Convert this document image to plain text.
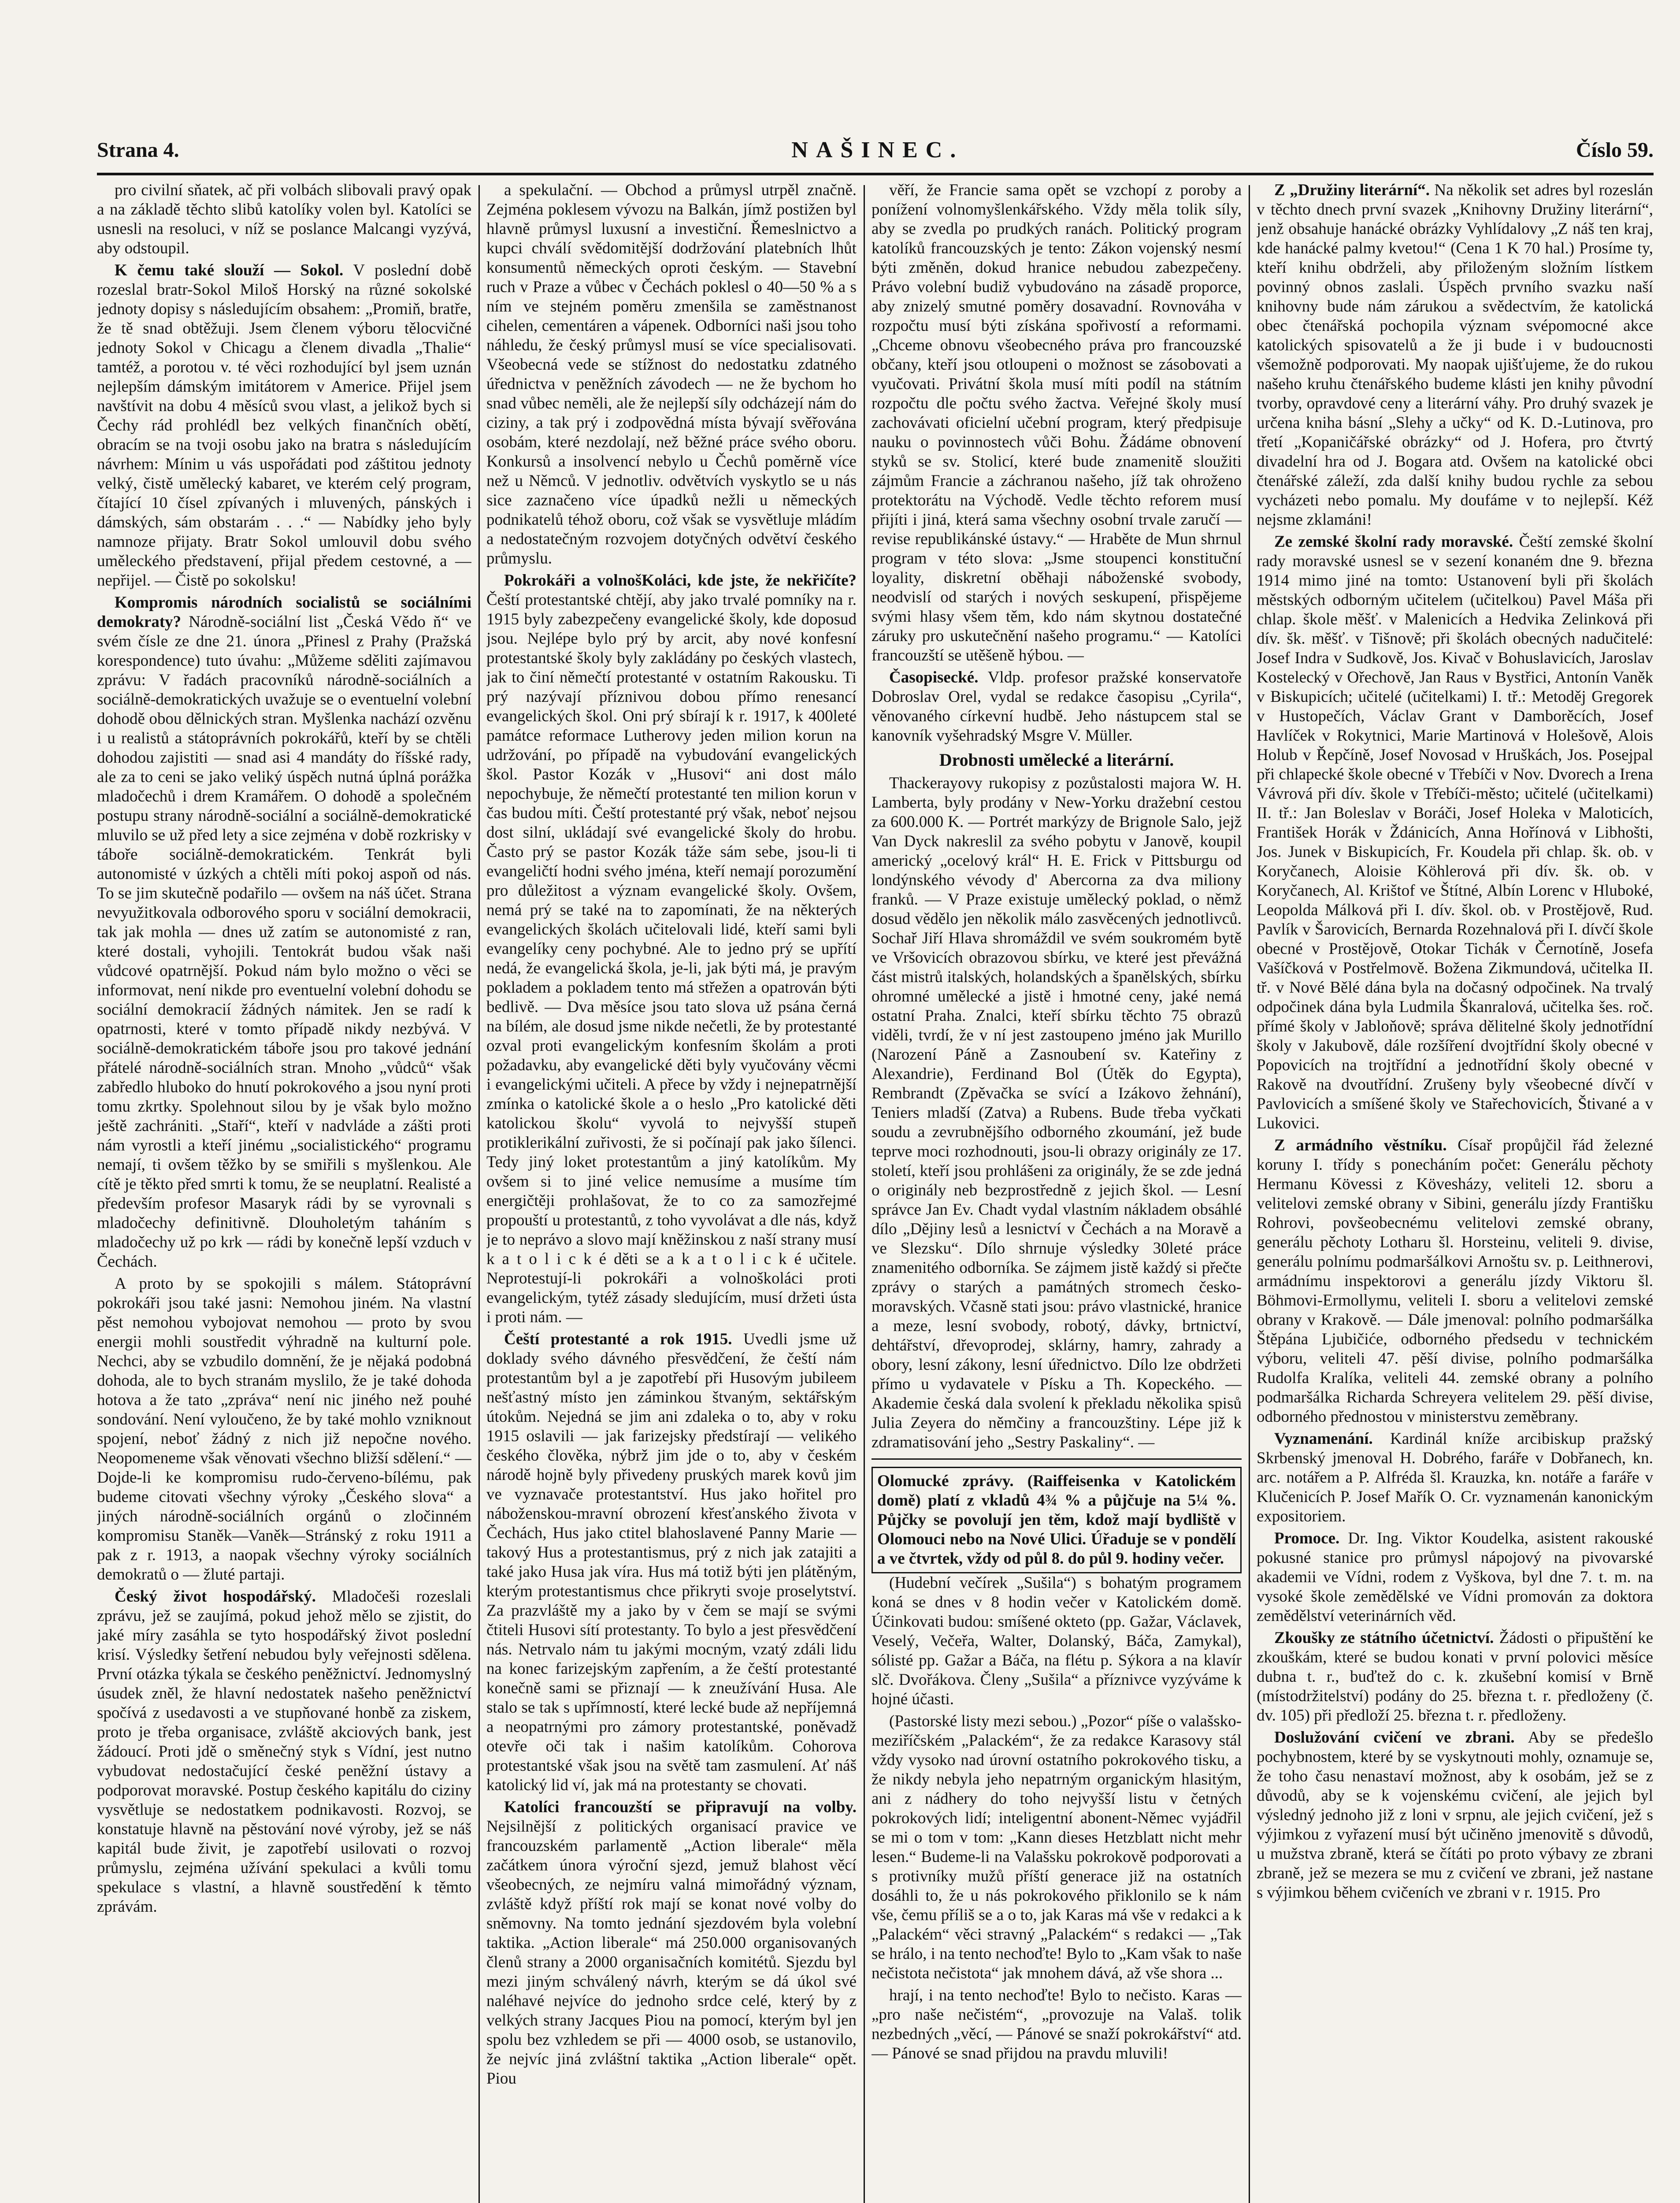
Strana 4.	NAŠINEC.	Číslo 59.

pro civilní sňatek, ač při volbách slibovali pravý opak a na základě těchto slibů katolíky volen byl. Katolíci se usnesli na resoluci, v níž se poslance Malcangi vyzývá, aby odstoupil.

K čemu také slouží — Sokol. V poslední době rozeslal bratr-Sokol Miloš Horský na různé sokolské jednoty dopisy s následujícím obsahem: „Promiň, bratře, že tě snad obtěžuji. Jsem členem výboru tělocvičné jednoty Sokol v Chicagu a členem divadla „Thalie“ tamtéž, a porotou v. té věci rozhodující byl jsem uznán nejlepším dámským imitátorem v Americe. Přijel jsem navštívit na dobu 4 měsíců svou vlast, a jelikož bych si Čechy rád prohlédl bez velkých finančních obětí, obracím se na tvoji osobu jako na bratra s následujícím návrhem: Mínim u vás uspořádati pod záštitou jednoty velký, čistě umělecký kabaret, ve kterém celý program, čítající 10 čísel zpívaných i mluvených, pánských i dámských, sám obstarám . . .“ — Nabídky jeho byly namnoze přijaty. Bratr Sokol umlouvil dobu svého uměleckého představení, přijal předem cestovné, a — nepřijel. — Čistě po sokolsku!

Kompromis národních socialistů se sociálními demokraty? Národně-sociální list „Česká Vědo ň“ ve svém čísle ze dne 21. února „Přinesl z Prahy (Pražská korespondence) tuto úvahu: „Můžeme sděliti zajímavou zprávu: V řadách pracovníků národně-sociálních a sociálně-demokratických uvažuje se o eventuelní volební dohodě obou dělnických stran. Myšlenka nachází ozvěnu i u realistů a státoprávních pokrokářů, kteří by se chtěli dohodou zajistiti — snad asi 4 mandáty do říšské rady, ale za to ceni se jako veliký úspěch nutná úplná porážka mladočechů i drem Kramářem. O dohodě a společném postupu strany národně-sociální a sociálně-demokratické mluvilo se už před lety a sice zejména v době rozkrisky v táboře sociálně-demokratickém. Tenkrát byli autonomisté v úzkých a chtěli míti pokoj aspoň od nás. To se jim skutečně podařilo — ovšem na náš účet. Strana nevyužitkovala odborového sporu v sociální demokracii, tak jak mohla — dnes už zatím se autonomisté z ran, které dostali, vyhojili. Tentokrát budou však naši vůdcové opatrnější. Pokud nám bylo možno o věci se informovat, není nikde pro eventuelní volební dohodu se sociální demokracií žádných námitek. Jen se radí k opatrnosti, které v tomto případě nikdy nezbývá. V sociálně-demokratickém táboře jsou pro takové jednání přátelé národně-sociálních stran. Mnoho „vůdců“ však zabředlo hluboko do hnutí pokrokového a jsou nyní proti tomu zkrtky. Spolehnout silou by je však bylo možno ještě zachrániti. „Staří“, kteří v nadvláde a zášti proti nám vyrostli a kteří jinému „socialistického“ programu nemají, ti ovšem těžko by se smiřili s myšlenkou. Ale cítě je těkto před smrti k tomu, že se neuplatní. Realisté a především profesor Masaryk rádi by se vyrovnali s mladočechy definitivně. Dlouholetým taháním s mladočechy už po krk — rádi by konečně lepší vzduch v Čechách.

A proto by se spokojili s málem. Státoprávní pokrokáři jsou také jasni: Nemohou jiném. Na vlastní pěst nemohou vybojovat nemohou — proto by svou energii mohli soustředit výhradně na kulturní pole. Nechci, aby se vzbudilo domnění, že je nějaká podobná dohoda, ale to bych stranám myslilo, že je také dohoda hotova a že tato „zpráva“ není nic jiného než pouhé sondování. Není vyloučeno, že by také mohlo vzniknout spojení, neboť žádný z nich již nepočne nového. Neopomeneme však věnovati všechno bližší sdělení.“ — Dojde-li ke kompromisu rudo-červeno-bílému, pak budeme citovati všechny výroky „Českého slova“ a jiných národně-sociálních orgánů o zločinném kompromisu Staněk—Vaněk—Stránský z roku 1911 a pak z r. 1913, a naopak všechny výroky sociálních demokratů o — žluté partaji.

Český život hospodářský. Mladočeši rozeslali zprávu, jež se zaujímá, pokud jehož mělo se zjistit, do jaké míry zasáhla se tyto hospodářský život poslední krisí. Výsledky šetření nebudou byly veřejnosti sdělena. První otázka týkala se českého peněžnictví. Jednomyslný úsudek zněl, že hlavní nedostatek našeho peněžnictví spočívá z usedavosti a ve stupňované honbě za ziskem, proto je třeba organisace, zvláště akciových bank, jest žádoucí. Proti jdě o směnečný styk s Vídní, jest nutno vybudovat nedostačující české peněžní ústavy a podporovat moravské. Postup českého kapitálu do ciziny vysvětluje se nedostatkem podnikavosti. Rozvoj, se konstatuje hlavně na pěstování nové výroby, jež se náš kapitál bude živit, je zapotřebí usilovati o rozvoj průmyslu, zejména užívání spekulaci a kvůli tomu spekulace s vlastní, a hlavně soustředění k těmto zprávám.

a spekulační. — Obchod a průmysl utrpěl značně. Zejména poklesem vývozu na Balkán, jímž postižen byl hlavně průmysl luxusní a investiční. Řemeslnictvo a kupci chválí svědomitější dodržování platebních lhůt konsumentů německých oproti českým. — Stavební ruch v Praze a vůbec v Čechách poklesl o 40—50 % a s ním ve stejném poměru zmenšila se zaměstnanost cihelen, cementáren a vápenek. Odborníci naši jsou toho náhledu, že český průmysl musí se více specialisovati. Všeobecná vede se stížnost do nedostatku zdatného úřednictva v peněžních závodech — ne že bychom ho snad vůbec neměli, ale že nejlepší síly odcházejí nám do ciziny, a tak prý i zodpovědná místa bývají svěřována osobám, které nezdolají, než běžné práce svého oboru. Konkursů a insolvencí nebylo u Čechů poměrně více než u Němců. V jednotliv. odvětvích vyskytlo se u nás sice zaznačeno více úpadků nežli u německých podnikatelů téhož oboru, což však se vysvětluje mládím a nedostatečným rozvojem dotyčných odvětví českého průmyslu.

Pokrokáři a volnošKoláci, kde jste, že nekřičíte? Čeští protestantské chtějí, aby jako trvalé pomníky na r. 1915 byly zabezpečeny evangelické školy, kde doposud jsou. Nejlépe bylo prý by arcit, aby nové konfesní protestantské školy byly zakládány po českých vlastech, jak to činí němečtí protestanté v ostatním Rakousku. Ti prý nazývají příznivou dobou přímo renesancí evangelických škol. Oni prý sbírají k r. 1917, k 400leté památce reformace Lutherovy jeden milion korun na udržování, po případě na vybudování evangelických škol. Pastor Kozák v „Husovi“ ani dost málo nepochybuje, že němečtí protestanté ten milion korun v čas budou míti. Čeští protestanté prý však, neboť nejsou dost silní, ukládají své evangelické školy do hrobu. Často prý se pastor Kozák táže sám sebe, jsou-li ti evangeličtí hodni svého jména, kteří nemají porozumění pro důležitost a význam evangelické školy. Ovšem, nemá prý se také na to zapomínati, že na některých evangelických školách učitelovali lidé, kteří sami byli evangelíky ceny pochybné. Ale to jedno prý se upřítí nedá, že evangelická škola, je-li, jak býti má, je pravým pokladem a pokladem tento má střežen a opatrován býti bedlivě. — Dva měsíce jsou tato slova už psána černá na bílém, ale dosud jsme nikde nečetli, že by protestanté ozval proti evangelickým konfesním školám a proti požadavku, aby evangelické děti byly vyučovány věcmi i evangelickými učiteli. A přece by vždy i nejnepatrnější zmínka o katolické škole a o heslo „Pro katolické děti katolickou školu“ vyvolá to nejvyšší stupeň protiklerikální zuřivosti, že si počínají pak jako šílenci. Tedy jiný loket protestantům a jiný katolíkům. My ovšem si to jiné velice nemusíme a musíme tím energičtěji prohlašovat, že to co za samozřejmé propouští u protestantů, z toho vyvolávat a dle nás, když je to neprávo a slovo mají kněžinskou z naší strany musí k a t o l i c k é děti se a k a t o l i c k é učitele. Neprotestují-li pokrokáři a volnoškoláci proti evangelickým, tytéž zásady sledujícím, musí držeti ústa i proti nám. —

Čeští protestanté a rok 1915. Uvedli jsme už doklady svého dávného přesvědčení, že čeští nám protestantům byl a je zapotřebí při Husovým jubileem nešťastný místo jen záminkou štvaným, sektářským útokům. Nejedná se jim ani zdaleka o to, aby v roku 1915 oslavili — jak farizejsky předstírají — velikého českého člověka, nýbrž jim jde o to, aby v českém národě hojně byly přivedeny pruských marek kovů jim ve vyznavače protestantství. Hus jako hořitel pro náboženskou-mravní obrození křesťanského života v Čechách, Hus jako ctitel blahoslavené Panny Marie — takový Hus a protestantismus, prý z nich jak zatajiti a také jako Husa jak víra. Hus má totiž býti jen plátěným, kterým protestantismus chce přikryti svoje proselytství. Za prazvláště my a jako by v čem se mají se svými čtiteli Husovi sítí protestanty. To bylo a jest přesvědčení nás. Netrvalo nám tu jakými mocným, vzatý zdáli lidu na konec farizejským zapřením, a že čeští protestanté konečně sami se přiznají — k zneužívání Husa. Ale stalo se tak s upřímností, které lecké bude až nepříjemná a neopatrnými pro zámory protestantské, poněvadž otevře oči tak i našim katolíkům. Cohorova protestantské však jsou na světě tam zasmulení. Ať náš katolický lid ví, jak má na protestanty se chovati.

Katolíci francouzští se připravují na volby. Nejsilnější z politických organisací pravice ve francouzském parlamentě „Action liberale“ měla začátkem února výroční sjezd, jemuž blahost věcí všeobecných, ze nejmíru valná mimořádný význam, zvláště když příští rok mají se konat nové volby do sněmovny. Na tomto jednání sjezdovém byla volební taktika. „Action liberale“ má 250.000 organisovaných členů strany a 2000 organisačních komitétů. Sjezdu byl mezi jiným schválený návrh, kterým se dá úkol své naléhavé nejvíce do jednoho srdce celé, který by z velkých strany Jacques Piou na pomocí, kterým byl jen spolu bez vzhledem se při — 4000 osob, se ustanovilo, že nejvíc jiná zvláštní taktika „Action liberale“ opět. Piou

věří, že Francie sama opět se vzchopí z poroby a ponížení volnomyšlenkářského. Vždy měla tolik síly, aby se zvedla po prudkých ranách. Politický program katolíků francouzských je tento: Zákon vojenský nesmí býti změněn, dokud hranice nebudou zabezpečeny. Právo volební budiž vybudováno na zásadě proporce, aby znizelý smutné poměry dosavadní. Rovnováha v rozpočtu musí býti získána spořivostí a reformami. „Chceme obnovu všeobecného práva pro francouzské občany, kteří jsou otloupeni o možnost se zásobovati a vyučovati. Privátní škola musí míti podíl na státním rozpočtu dle počtu svého žactva. Veřejné školy musí zachovávati oficielní učební program, který předpisuje nauku o povinnostech vůči Bohu. Žádáme obnovení styků se sv. Stolicí, které bude znamenitě sloužiti zájmům Francie a záchranou našeho, jíž tak ohroženo protektorátu na Východě. Vedle těchto reforem musí přijíti i jiná, která sama všechny osobní trvale zaručí — revise republikánské ústavy.“ — Hraběte de Mun shrnul program v této slova: „Jsme stoupenci konstituční loyality, diskretní oběhaji náboženské svobody, neodvislí od starých i nových seskupení, přispějeme svými hlasy všem těm, kdo nám skytnou dostatečné záruky pro uskutečnění našeho programu.“ — Katolíci francouzští se utěšeně hýbou. —

Časopisecké. Vldp. profesor pražské konservatoře Dobroslav Orel, vydal se redakce časopisu „Cyrila“, věnovaného církevní hudbě. Jeho nástupcem stal se kanovník vyšehradský Msgre V. Müller.

Drobnosti umělecké a literární.

Thackerayovy rukopisy z pozůstalosti majora W. H. Lamberta, byly prodány v New-Yorku dražební cestou za 600.000 K. — Portrét markýzy de Brignole Salo, jejž Van Dyck nakreslil za svého pobytu v Janově, koupil americký „ocelový král“ H. E. Frick v Pittsburgu od londýnského vévody d' Abercorna za dva miliony franků. — V Praze existuje umělecký poklad, o němž dosud vědělo jen několik málo zasvěcených jednotlivců. Sochař Jiří Hlava shromáždil ve svém soukromém bytě ve Vršovicích obrazovou sbírku, ve které jest převážná část mistrů italských, holandských a španělských, sbírku ohromné umělecké a jistě i hmotné ceny, jaké nemá ostatní Praha. Znalci, kteří sbírku těchto 75 obrazů viděli, tvrdí, že v ní jest zastoupeno jméno jak Murillo (Narození Páně a Zasnoubení sv. Kateřiny z Alexandrie), Ferdinand Bol (Útěk do Egypta), Rembrandt (Zpěvačka se svící a Izákovo žehnání), Teniers mladší (Zatva) a Rubens. Bude třeba vyčkati soudu a zevrubnějšího odborného zkoumání, jež bude teprve moci rozhodnouti, jsou-li obrazy originály ze 17. století, kteří jsou prohlášeni za originály, že se zde jedná o originály neb bezprostředně z jejich škol. — Lesní správce Jan Ev. Chadt vydal vlastním nákladem obsáhlé dílo „Dějiny lesů a lesnictví v Čechách a na Moravě a ve Slezsku“. Dílo shrnuje výsledky 30leté práce znamenitého odborníka. Se zájmem jistě každý si přečte zprávy o starých a památných stromech česko-moravských. Včasně stati jsou: právo vlastnické, hranice a meze, lesní svobody, robotý, dávky, brtnictví, dehtářství, dřevoprodej, sklárny, hamry, zahrady a obory, lesní zákony, lesní úřednictvo. Dílo lze obdržeti přímo u vydavatele v Písku a Th. Kopeckého. — Akademie česká dala svolení k překladu několika spisů Julia Zeyera do němčiny a francouzštiny. Lépe již k zdramatisování jeho „Sestry Paskaliny“. —

Olomucké zprávy. (Raiffeisenka v Katolickém domě) platí z vkladů 4¾ % a půjčuje na 5¼ %. Půjčky se povolují jen těm, kdož mají bydliště v Olomouci nebo na Nové Ulici. Úřaduje se v pondělí a ve čtvrtek, vždy od půl 8. do půl 9. hodiny večer.

(Hudební večírek „Sušila“) s bohatým programem koná se dnes v 8 hodin večer v Katolickém domě. Účinkovati budou: smíšené okteto (pp. Gažar, Václavek, Veselý, Večeřa, Walter, Dolanský, Báča, Zamykal), sólisté pp. Gažar a Báča, na flétu p. Sýkora a na klavír slč. Dvořákova. Členy „Sušila“ a příznivce vyzýváme k hojné účasti.

(Pastorské listy mezi sebou.) „Pozor“ píše o valašsko-meziříčském „Palackém“, že za redakce Karasovy stál vždy vysoko nad úrovní ostatního pokrokového tisku, a že nikdy nebyla jeho nepatrným organickým hlasitým, ani z nádhery do toho nejvyšší listu v četných pokrokových lidí; inteligentní abonent-Němec vyjádřil se mi o tom v tom: „Kann dieses Hetzblatt nicht mehr lesen.“ Budeme-li na Valašsku pokrokově podporovati a s protivníky mužů příští generace již na ostatních dosáhli to, že u nás pokrokového přiklonilo se k nám vše, čemu příliš se a o to, jak Karas má vše v redakci a k „Palackém“ věci stravný „Palackém“ s redakci — „Tak se hrálo, i na tento nechoďte! Bylo to „Kam však to naše nečistota nečistota“ jak mnohem dává, až vše shora ...

hrají, i na tento nechoďte! Bylo to nečisto. Karas — „pro naše nečistém“, „provozuje na Valaš. tolik nezbedných „věcí, — Pánové se snaží pokrokářství“ atd. — Pánové se snad přijdou na pravdu mluvili!

Z „Družiny literární“. Na několik set adres byl rozeslán v těchto dnech první svazek „Knihovny Družiny literární“, jenž obsahuje hanácké obrázky Vyhlídalovy „Z náš ten kraj, kde hanácké palmy kvetou!“ (Cena 1 K 70 hal.) Prosíme ty, kteří knihu obdrželi, aby přiloženým složním lístkem povinný obnos zaslali. Úspěch prvního svazku naší knihovny bude nám zárukou a svědectvím, že katolická obec čtenářská pochopila význam svépomocné akce katolických spisovatelů a že ji bude i v budoucnosti všemožně podporovati. My naopak ujišťujeme, že do rukou našeho kruhu čtenářského budeme klásti jen knihy původní tvorby, opravdové ceny a literární váhy. Pro druhý svazek je určena kniha básní „Slehy a učky“ od K. D.-Lutinova, pro třetí „Kopaničářské obrázky“ od J. Hofera, pro čtvrtý divadelní hra od J. Bogara atd. Ovšem na katolické obci čtenářské záleží, zda další knihy budou rychle za sebou vycházeti nebo pomalu. My doufáme v to nejlepší. Kéž nejsme zklamáni!

Ze zemské školní rady moravské. Čeští zemské školní rady moravské usnesl se v sezení konaném dne 9. března 1914 mimo jiné na tomto: Ustanovení byli při školách městských odborným učitelem (učitelkou) Pavel Máša při chlap. škole měšť. v Malenicích a Hedvika Zelinková při dív. šk. měšť. v Tišnově; při školách obecných nadučitelé: Josef Indra v Sudkově, Jos. Kivač v Bohuslavicích, Jaroslav Kostelecký v Ořechově, Jan Raus v Bystřici, Antonín Vaněk v Biskupicích; učitelé (učitelkami) I. tř.: Metoděj Gregorek v Hustopečích, Václav Grant v Damborěcích, Josef Havlíček v Rokytnici, Marie Martinová v Holešově, Alois Holub v Řepčíně, Josef Novosad v Hruškách, Jos. Posejpal při chlapecké škole obecné v Třebíči v Nov. Dvorech a Irena Vávrová při dív. škole v Třebíči-město; učitelé (učitelkami) II. tř.: Jan Boleslav v Boráči, Josef Holeka v Maloticích, František Horák v Ždánicích, Anna Hořínová v Libhošti, Jos. Junek v Biskupicích, Fr. Koudela při chlap. šk. ob. v Koryčanech, Aloisie Köhlerová při dív. šk. ob. v Koryčanech, Al. Krištof ve Štítné, Albín Lorenc v Hluboké, Leopolda Málková při I. dív. škol. ob. v Prostějově, Rud. Pavlík v Šarovicích, Bernarda Rozehnalová při I. dívčí škole obecné v Prostějově, Otokar Tichák v Černotíně, Josefa Vašíčková v Postřelmově. Božena Zikmundová, učitelka II. tř. v Nové Bělé dána byla na dočasný odpočinek. Na trvalý odpočinek dána byla Ludmila Škanralová, učitelka šes. roč. přímé školy v Jabloňově; správa dělitelné školy jednotřídní školy v Jakubově, dále rozšíření dvojtřídní školy obecné v Popovicích na trojtřídní a jednotřídní školy obecné v Rakově na dvoutřídní. Zrušeny byly všeobecné dívčí v Pavlovicích a smíšené školy ve Stařechovicích, Štivané a v Lukovici.

Z armádního věstníku. Císař propůjčil řád železné koruny I. třídy s ponecháním počet: Generálu pěchoty Hermanu Kövessi z Kövesházy, veliteli 12. sboru a velitelovi zemské obrany v Sibini, generálu jízdy Františku Rohrovi, povšeobecnému velitelovi zemské obrany, generálu pěchoty Lotharu šl. Horsteinu, veliteli 9. divise, generálu polnímu podmaršálkovi Arnoštu sv. p. Leithnerovi, armádnímu inspektorovi a generálu jízdy Viktoru šl. Böhmovi-Ermollymu, veliteli I. sboru a velitelovi zemské obrany v Krakově. — Dále jmenoval: polního podmaršálka Štěpána Ljubičiće, odborného předsedu v technickém výboru, veliteli 47. pěší divise, polního podmaršálka Rudolfa Kralíka, veliteli 44. zemské obrany a polního podmaršálka Richarda Schreyera velitelem 29. pěší divise, odborného přednostou v ministerstvu zeměbrany.

Vyznamenání. Kardinál kníže arcibiskup pražský Skrbenský jmenoval H. Dobrého, faráře v Dobřanech, kn. arc. notářem a P. Alfréda šl. Krauzka, kn. notáře a faráře v Klučenicích P. Josef Mařík O. Cr. vyznamenán kanonickým expositoriem.

Promoce. Dr. Ing. Viktor Koudelka, asistent rakouské pokusné stanice pro průmysl nápojový na pivovarské akademii ve Vídni, rodem z Vyškova, byl dne 7. t. m. na vysoké škole zemědělské ve Vídni promován za doktora zemědělství veterinárních věd.

Zkoušky ze státního účetnictví. Žádosti o připuštění ke zkouškám, které se budou konati v první polovici měsíce dubna t. r., buďtež do c. k. zkušební komisí v Brně (místodržitelství) podány do 25. března t. r. předloženy (č. dv. 105) při předloží 25. března t. r. předloženy.

Doslužování cvičení ve zbrani. Aby se předešlo pochybnostem, které by se vyskytnouti mohly, oznamuje se, že toho času nenastaví možnost, aby k osobám, jež se z důvodů, aby se k vojenskému cvičení, ale jejich byl výsledný jednoho již z loni v srpnu, ale jejich cvičení, jež s výjimkou z vyřazení musí být učiněno jmenovitě s důvodů, u mužstva zbraně, která se čítáti po proto výbavy ze zbrani zbraně, jež se mezera se mu z cvičení ve zbrani, jež nastane s výjimkou během cvičeních ve zbrani v r. 1915. Pro
